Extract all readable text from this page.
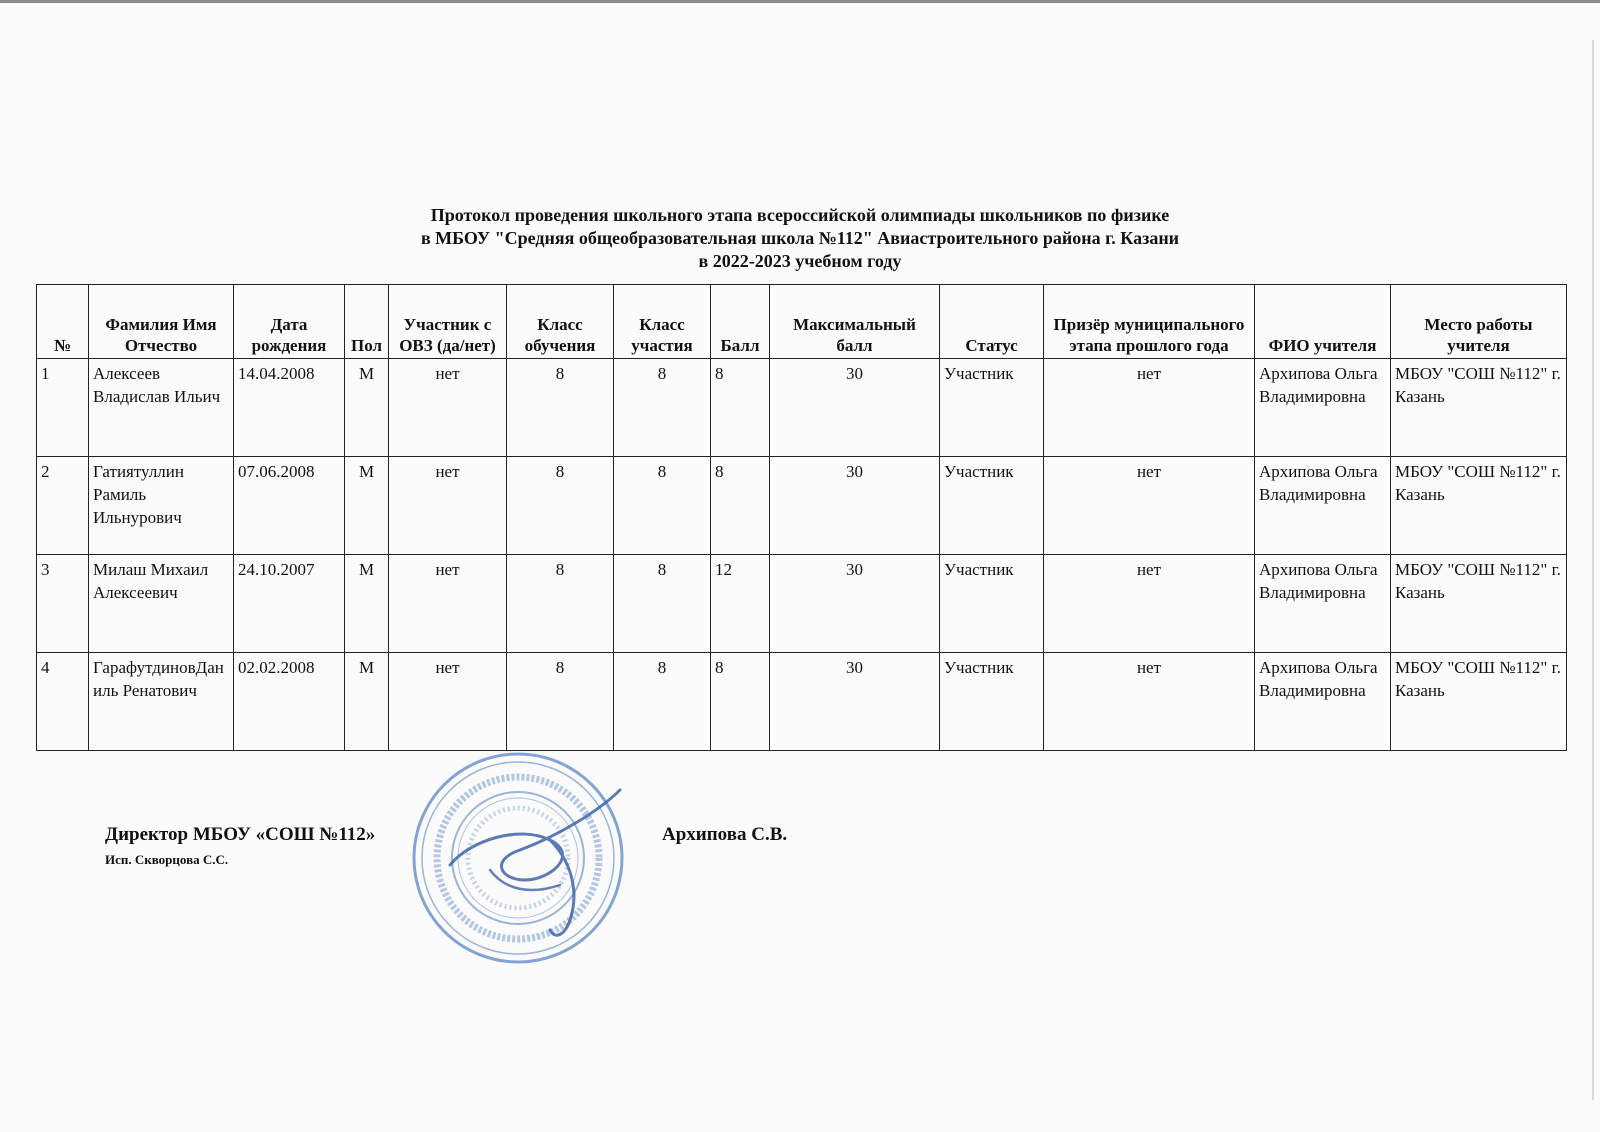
Протокол проведения школьного этапа всероссийской олимпиады школьников по физике
в МБОУ "Средняя общеобразовательная школа №112" Авиастроительного района г. Казани
в 2022-2023 учебном году
№	Фамилия Имя Отчество	Дата рождения	Пол	Участник с ОВЗ (да/нет)	Класс обучения	Класс участия	Балл	Максимальный балл	Статус	Призёр муниципального этапа прошлого года	ФИО учителя	Место работы учителя
1	Алексеев Владислав Ильич	14.04.2008	М	нет	8	8	8	30	Участник	нет	Архипова Ольга Владимировна	МБОУ "СОШ №112" г. Казань
2	Гатиятуллин Рамиль Ильнурович	07.06.2008	М	нет	8	8	8	30	Участник	нет	Архипова Ольга Владимировна	МБОУ "СОШ №112" г. Казань
3	Милаш Михаил Алексеевич	24.10.2007	М	нет	8	8	12	30	Участник	нет	Архипова Ольга Владимировна	МБОУ "СОШ №112" г. Казань
4	ГарафутдиновДаниль Ренатович	02.02.2008	М	нет	8	8	8	30	Участник	нет	Архипова Ольга Владимировна	МБОУ "СОШ №112" г. Казань
Директор МБОУ «СОШ №112»	Архипова С.В.
Исп. Скворцова С.С.
